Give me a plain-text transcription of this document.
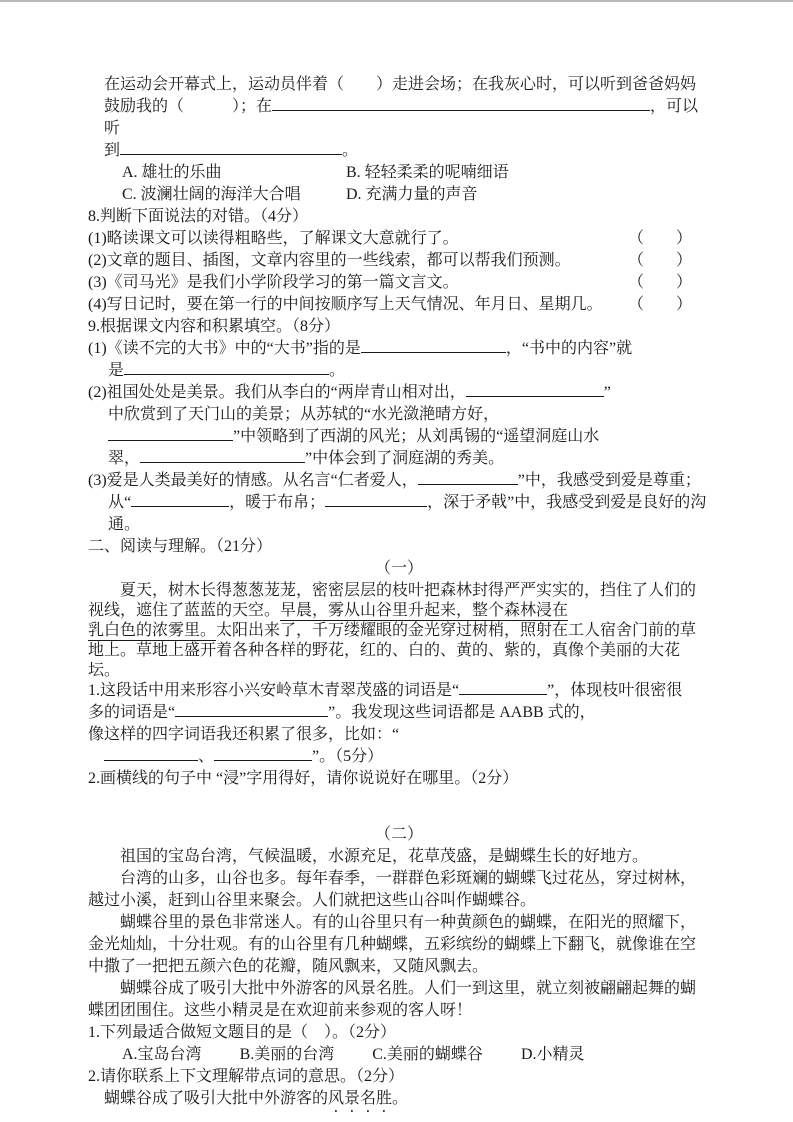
在运动会开幕式上，运动员伴着（　　）走进会场；在我灰心时，可以听到爸爸妈妈

鼓励我的（　　　）；在	，可以听

到	。

A. 雄壮的乐曲	B. 轻轻柔柔的呢喃细语
C. 波澜壮阔的海洋大合唱	D. 充满力量的声音

8.判断下面说法的对错。（4分）

(1)略读课文可以读得粗略些，了解课文大意就行了。	（　　）
(2)文章的题目、插图，文章内容里的一些线索，都可以帮我们预测。	（　　）
(3)《司马光》是我们小学阶段学习的第一篇文言文。	（　　）
(4)写日记时，要在第一行的中间按顺序写上天气情况、年月日、星期几。 （　　）

9.根据课文内容和积累填空。（8分）

(1)《读不完的大书》中的“大书”指的是	，“书中的内容”就

是	。

(2)祖国处处是美景。我们从李白的“两岸青山相对出，	”

中欣赏到了天门山的美景；从苏轼的“水光潋滟晴方好，

”中领略到了西湖的风光；从刘禹锡的“遥望洞庭山水

翠，	”中体会到了洞庭湖的秀美。

(3)爱是人类最美好的情感。从名言“仁者爱人，	”中，我感受到爱是尊重；

从“	，暖于布帛；	，深于矛戟”中，我感受到爱是良好的沟

通。

二、阅读与理解。（21分）

（一）

夏天，树木长得葱葱茏茏，密密层层的枝叶把森林封得严严实实的，挡住了人们的

视线，遮住了蓝蓝的天空。早晨，雾从山谷里升起来，整个森林浸在

乳白色的浓雾里。太阳出来了，千万缕耀眼的金光穿过树梢，照射在工人宿舍门前的草

地上。草地上盛开着各种各样的野花，红的、白的、黄的、紫的，真像个美丽的大花坛。

1.这段话中用来形容小兴安岭草木青翠茂盛的词语是“	”，体现枝叶很密很

多的词语是“	”。我发现这些词语都是 AABB 式的，

像这样的四字词语我还积累了很多，比如：“

、	”。（5分）

2.画横线的句子中 “浸”字用得好，请你说说好在哪里。（2分）

（二）

祖国的宝岛台湾，气候温暖，水源充足，花草茂盛，是蝴蝶生长的好地方。

台湾的山多，山谷也多。每年春季，一群群色彩斑斓的蝴蝶飞过花丛，穿过树林，

越过小溪，赶到山谷里来聚会。人们就把这些山谷叫作蝴蝶谷。

蝴蝶谷里的景色非常迷人。有的山谷里只有一种黄颜色的蝴蝶，在阳光的照耀下，

金光灿灿，十分壮观。有的山谷里有几种蝴蝶，五彩缤纷的蝴蝶上下翻飞，就像谁在空

中撒了一把把五颜六色的花瓣，随风飘来，又随风飘去。

蝴蝶谷成了吸引大批中外游客的风景名胜。人们一到这里，就立刻被翩翩起舞的蝴

蝶团团围住。这些小精灵是在欢迎前来参观的客人呀！

1.下列最适合做短文题目的是（　）。（2分）

A.宝岛台湾 B.美丽的台湾 C.美丽的蝴蝶谷 D.小精灵

2.请你联系上下文理解带点词的意思。（2分）

蝴蝶谷成了吸引大批中外游客的风景名胜。
